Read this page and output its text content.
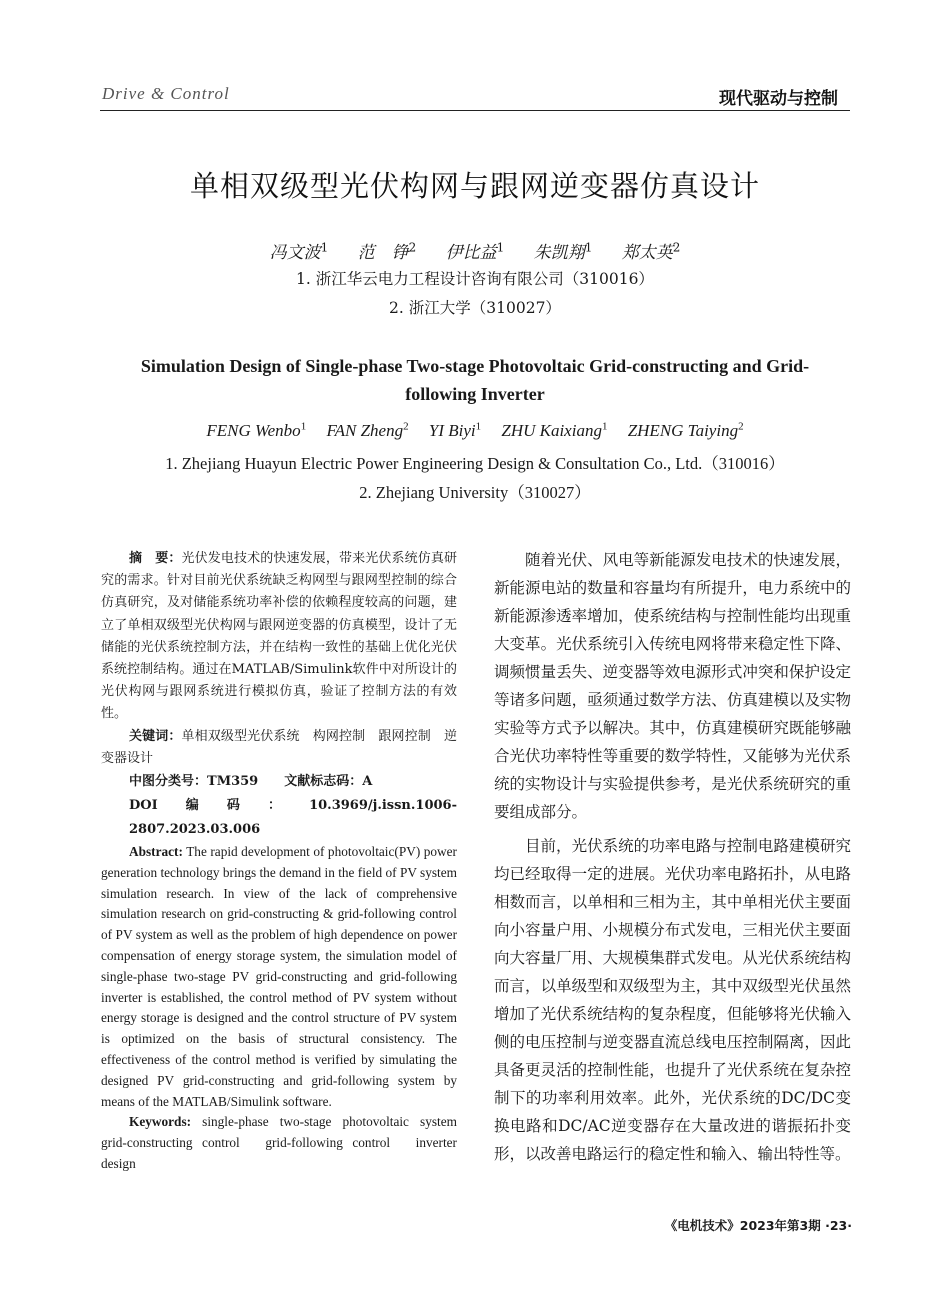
Drive & Control	现代驱动与控制
单相双级型光伏构网与跟网逆变器仿真设计
冯文波$^1$ 范　铮$^2$ 伊比益$^1$ 朱凯翔$^1$ 郑太英$^2$
1. 浙江华云电力工程设计咨询有限公司（310016）
2. 浙江大学（310027）
Simulation Design of Single-phase Two-stage Photovoltaic Grid-constructing and Grid-following Inverter
FENG Wenbo$^1$ FAN Zheng$^2$ YI Biyi$^1$ ZHU Kaixiang$^1$ ZHENG Taiying$^2$
1. Zhejiang Huayun Electric Power Engineering Design & Consultation Co., Ltd.（310016）
2. Zhejiang University（310027）

摘　要：光伏发电技术的快速发展，带来光伏系统仿真研究的需求。针对目前光伏系统缺乏构网型与跟网型控制的综合仿真研究，及对储能系统功率补偿的依赖程度较高的问题，建立了单相双级型光伏构网与跟网逆变器的仿真模型，设计了无储能的光伏系统控制方法，并在结构一致性的基础上优化光伏系统控制结构。通过在MATLAB/Simulink软件中对所设计的光伏构网与跟网系统进行模拟仿真，验证了控制方法的有效性。

关键词：单相双级型光伏系统　构网控制　跟网控制　逆变器设计

中图分类号：TM359　　 文献标志码：A

DOI编码：10.3969/j.issn.1006-2807.2023.03.006

Abstract: The rapid development of photovoltaic(PV) power generation technology brings the demand in the field of PV system simulation research. In view of the lack of comprehensive simulation research on grid-constructing & grid-following control of PV system as well as the problem of high dependence on power compensation of energy storage system, the simulation model of single-phase two-stage PV grid-constructing and grid-following inverter is established, the control method of PV system without energy storage is designed and the control structure of PV system is optimized on the basis of structural consistency. The effectiveness of the control method is verified by simulating the designed PV grid-constructing and grid-following system by means of the MATLAB/Simulink software.

Keywords: single-phase two-stage photovoltaic system　grid-constructing control　grid-following control　inverter design

随着光伏、风电等新能源发电技术的快速发展，新能源电站的数量和容量均有所提升，电力系统中的新能源渗透率增加，使系统结构与控制性能均出现重大变革。光伏系统引入传统电网将带来稳定性下降、调频惯量丢失、逆变器等效电源形式冲突和保护设定等诸多问题，亟须通过数学方法、仿真建模以及实物实验等方式予以解决。其中，仿真建模研究既能够融合光伏功率特性等重要的数学特性，又能够为光伏系统的实物设计与实验提供参考，是光伏系统研究的重要组成部分。

目前，光伏系统的功率电路与控制电路建模研究均已经取得一定的进展。光伏功率电路拓扑，从电路相数而言，以单相和三相为主，其中单相光伏主要面向小容量户用、小规模分布式发电，三相光伏主要面向大容量厂用、大规模集群式发电。从光伏系统结构而言，以单级型和双级型为主，其中双级型光伏虽然增加了光伏系统结构的复杂程度，但能够将光伏输入侧的电压控制与逆变器直流总线电压控制隔离，因此具备更灵活的控制性能，也提升了光伏系统在复杂控制下的功率利用效率。此外，光伏系统的DC/DC变换电路和DC/AC逆变器存在大量改进的谐振拓扑变形，以改善电路运行的稳定性和输入、输出特性等。

《电机技术》2023年第3期 ·23·
